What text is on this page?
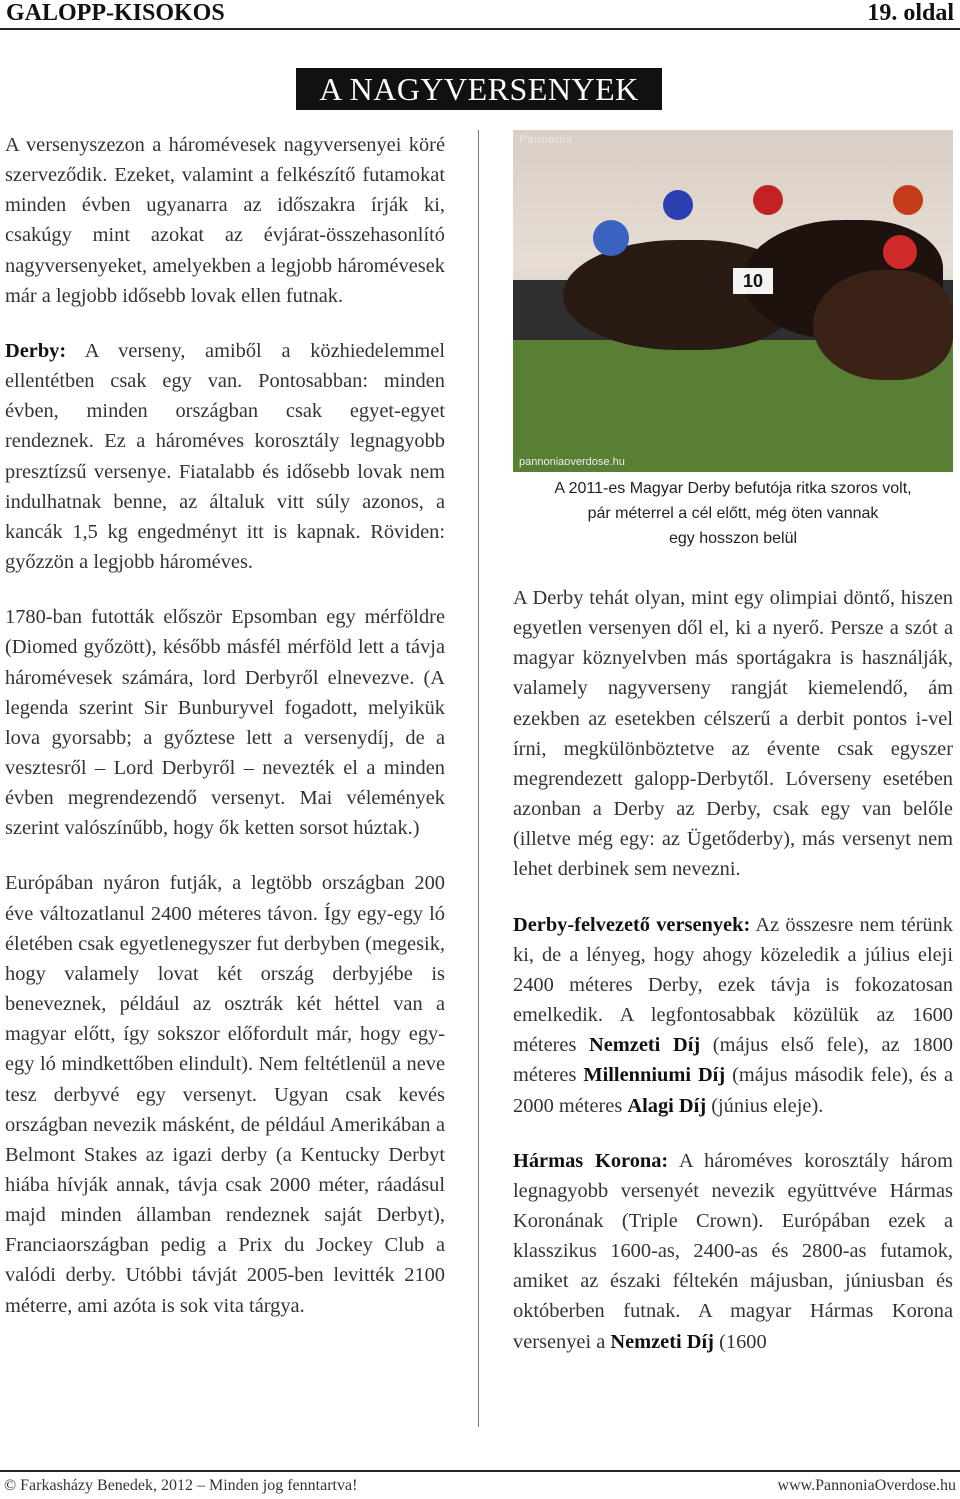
GALOPP-KISOKOS	19. oldal
A NAGYVERSENYEK

A versenyszezon a háromévesek nagyversenyei köré szerveződik. Ezeket, valamint a felkészítő futamokat minden évben ugyanarra az időszakra írják ki, csakúgy mint azokat az évjárat-összehasonlító nagyversenyeket, amelyekben a legjobb háromévesek már a legjobb idősebb lovak ellen futnak.

Derby: A verseny, amiből a közhiedelemmel ellentétben csak egy van. Pontosabban: minden évben, minden országban csak egyet-egyet rendeznek. Ez a hároméves korosztály legnagyobb presztízsű versenye. Fiatalabb és idősebb lovak nem indulhatnak benne, az általuk vitt súly azonos, a kancák 1,5 kg engedményt itt is kapnak. Röviden: győzzön a legjobb hároméves.

1780-ban futották először Epsomban egy mérföldre (Diomed győzött), később másfél mérföld lett a távja háromévesek számára, lord Derbyről elnevezve. (A legenda szerint Sir Bunburyvel fogadott, melyikük lova gyorsabb; a győztese lett a versenydíj, de a vesztesről – Lord Derbyről – nevezték el a minden évben megrendezendő versenyt. Mai vélemények szerint valószínűbb, hogy ők ketten sorsot húztak.)

Európában nyáron futják, a legtöbb országban 200 éve változatlanul 2400 méteres távon. Így egy-egy ló életében csak egyetlenegyszer fut derbyben (megesik, hogy valamely lovat két ország derbyjébe is beneveznek, például az osztrák két héttel van a magyar előtt, így sokszor előfordult már, hogy egy-egy ló mindkettőben elindult). Nem feltétlenül a neve tesz derbyvé egy versenyt. Ugyan csak kevés országban nevezik másként, de például Amerikában a Belmont Stakes az igazi derby (a Kentucky Derbyt hiába hívják annak, távja csak 2000 méter, ráadásul majd minden államban rendeznek saját Derbyt), Franciaországban pedig a Prix du Jockey Club a valódi derby. Utóbbi távját 2005-ben levitték 2100 méterre, ami azóta is sok vita tárgya.

10
Pannonia
pannoniaoverdose.hu
A 2011-es Magyar Derby befutója ritka szoros volt,
pár méterrel a cél előtt, még öten vannak
egy hosszon belül

A Derby tehát olyan, mint egy olimpiai döntő, hiszen egyetlen versenyen dől el, ki a nyerő. Persze a szót a magyar köznyelvben más sportágakra is használják, valamely nagyverseny rangját kiemelendő, ám ezekben az esetekben célszerű a derbit pontos i-vel írni, megkülönböztetve az évente csak egyszer megrendezett galopp-Derbytől. Lóverseny esetében azonban a Derby az Derby, csak egy van belőle (illetve még egy: az Ügetőderby), más versenyt nem lehet derbinek sem nevezni.

Derby-felvezető versenyek: Az összesre nem térünk ki, de a lényeg, hogy ahogy közeledik a július eleji 2400 méteres Derby, ezek távja is fokozatosan emelkedik. A legfontosabbak közülük az 1600 méteres Nemzeti Díj (május első fele), az 1800 méteres Millenniumi Díj (május második fele), és a 2000 méteres Alagi Díj (június eleje).

Hármas Korona: A hároméves korosztály három legnagyobb versenyét nevezik együttvéve Hármas Koronának (Triple Crown). Európában ezek a klasszikus 1600-as, 2400-as és 2800-as futamok, amiket az északi féltekén májusban, júniusban és októberben futnak. A magyar Hármas Korona versenyei a Nemzeti Díj (1600

© Farkasházy Benedek, 2012 – Minden jog fenntartva!	www.PannoniaOverdose.hu
